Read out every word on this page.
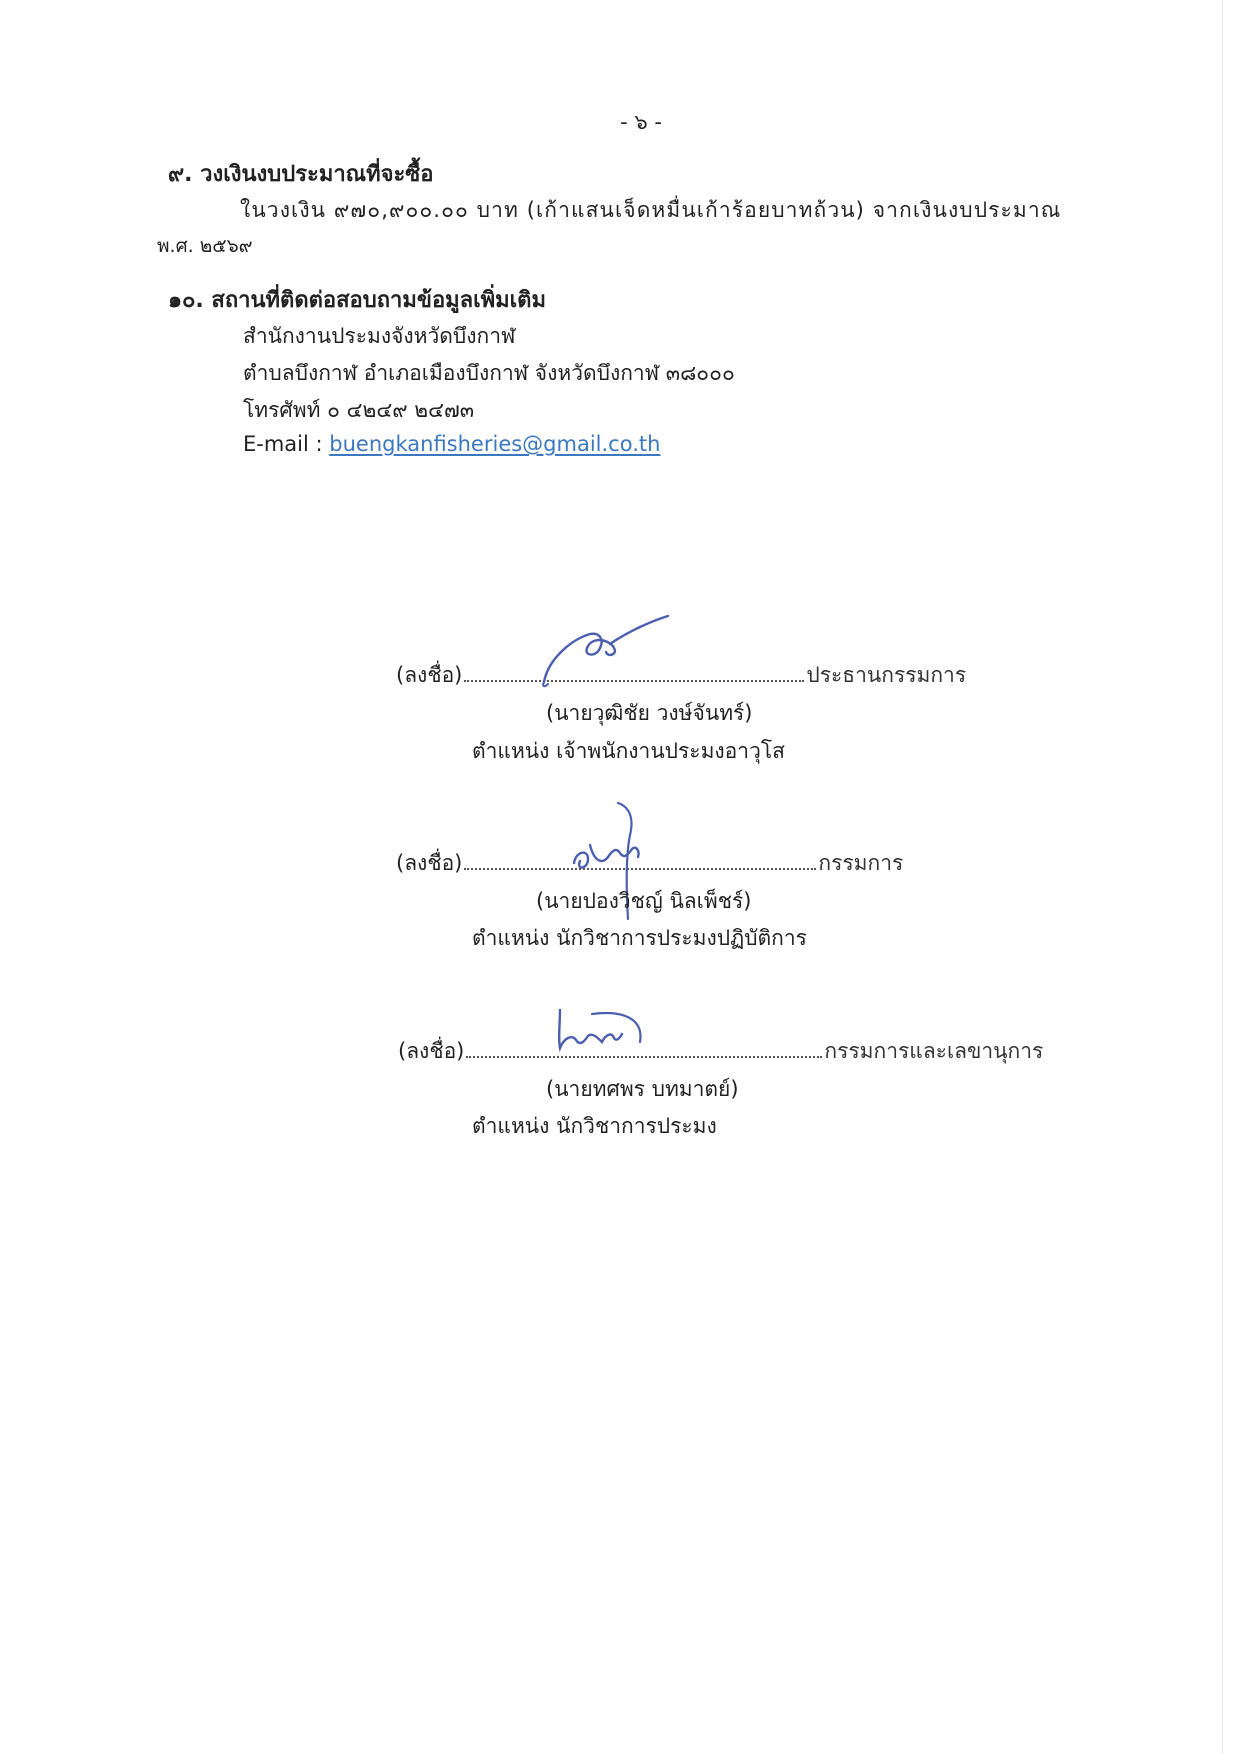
- ๖ -
๙. วงเงินงบประมาณที่จะซื้อ
ในวงเงิน ๙๗๐,๙๐๐.๐๐ บาท (เก้าแสนเจ็ดหมื่นเก้าร้อยบาทถ้วน) จากเงินงบประมาณ
พ.ศ. ๒๕๖๙
๑๐. สถานที่ติดต่อสอบถามข้อมูลเพิ่มเติม
สำนักงานประมงจังหวัดบึงกาฬ
ตำบลบึงกาฬ อำเภอเมืองบึงกาฬ จังหวัดบึงกาฬ ๓๘๐๐๐
โทรศัพท์ ๐ ๔๒๔๙ ๒๔๗๓
E-mail : buengkanfisheries@gmail.co.th
(ลงชื่อ)	ประธานกรรมการ
(นายวุฒิชัย วงษ์จันทร์)
ตำแหน่ง เจ้าพนักงานประมงอาวุโส
(ลงชื่อ)	กรรมการ
(นายปองวิชญ์ นิลเพ็ชร์)
ตำแหน่ง นักวิชาการประมงปฏิบัติการ
(ลงชื่อ)	กรรมการและเลขานุการ
(นายทศพร บทมาตย์)
ตำแหน่ง นักวิชาการประมง
